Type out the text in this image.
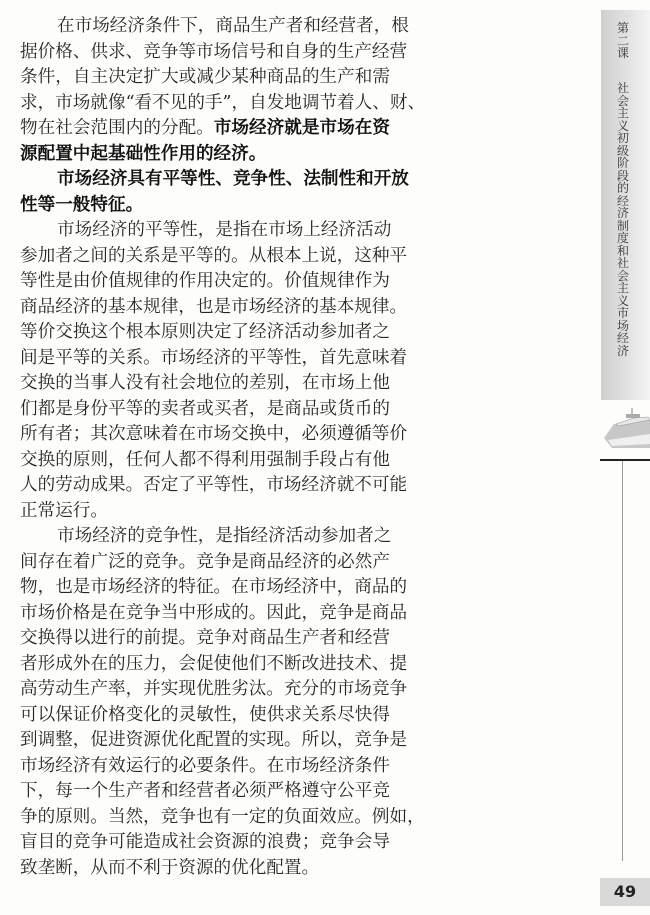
在市场经济条件下，商品生产者和经营者，根
据价格、供求、竞争等市场信号和自身的生产经营
条件，自主决定扩大或减少某种商品的生产和需
求，市场就像“看不见的手”，自发地调节着人、财、
物在社会范围内的分配。市场经济就是市场在资
源配置中起基础性作用的经济。
市场经济具有平等性、竞争性、法制性和开放
性等一般特征。
市场经济的平等性，是指在市场上经济活动
参加者之间的关系是平等的。从根本上说，这种平
等性是由价值规律的作用决定的。价值规律作为
商品经济的基本规律，也是市场经济的基本规律。
等价交换这个根本原则决定了经济活动参加者之
间是平等的关系。市场经济的平等性，首先意味着
交换的当事人没有社会地位的差别，在市场上他
们都是身份平等的卖者或买者，是商品或货币的
所有者；其次意味着在市场交换中，必须遵循等价
交换的原则，任何人都不得利用强制手段占有他
人的劳动成果。否定了平等性，市场经济就不可能
正常运行。
市场经济的竞争性，是指经济活动参加者之
间存在着广泛的竞争。竞争是商品经济的必然产
物，也是市场经济的特征。在市场经济中，商品的
市场价格是在竞争当中形成的。因此，竞争是商品
交换得以进行的前提。竞争对商品生产者和经营
者形成外在的压力，会促使他们不断改进技术、提
高劳动生产率，并实现优胜劣汰。充分的市场竞争
可以保证价格变化的灵敏性，使供求关系尽快得
到调整，促进资源优化配置的实现。所以，竞争是
市场经济有效运行的必要条件。在市场经济条件
下，每一个生产者和经营者必须严格遵守公平竞
争的原则。当然，竞争也有一定的负面效应。例如，
盲目的竞争可能造成社会资源的浪费；竞争会导
致垄断，从而不利于资源的优化配置。
第二课
社会主义初级阶段的经济制度和社会主义市场经济
49
